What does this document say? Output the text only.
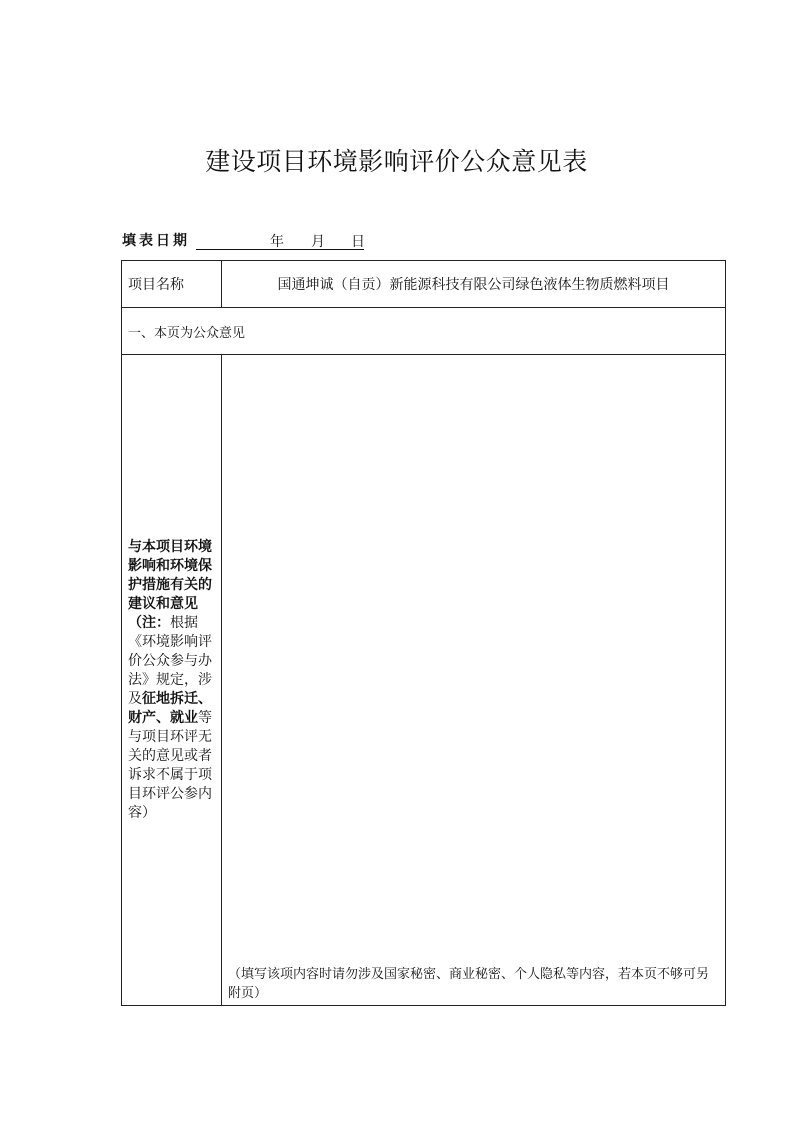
建设项目环境影响评价公众意见表
填表日期	年 月 日
项目名称	国通坤诚（自贡）新能源科技有限公司绿色液体生物质燃料项目
一、本页为公众意见	
与本项目环境影响和环境保护措施有关的建议和意见（注：根据《环境影响评价公众参与办法》规定，涉及征地拆迁、财产、就业等与项目环评无关的意见或者诉求不属于项目环评公参内容）	（填写该项内容时请勿涉及国家秘密、商业秘密、个人隐私等内容，若本页不够可另附页）
